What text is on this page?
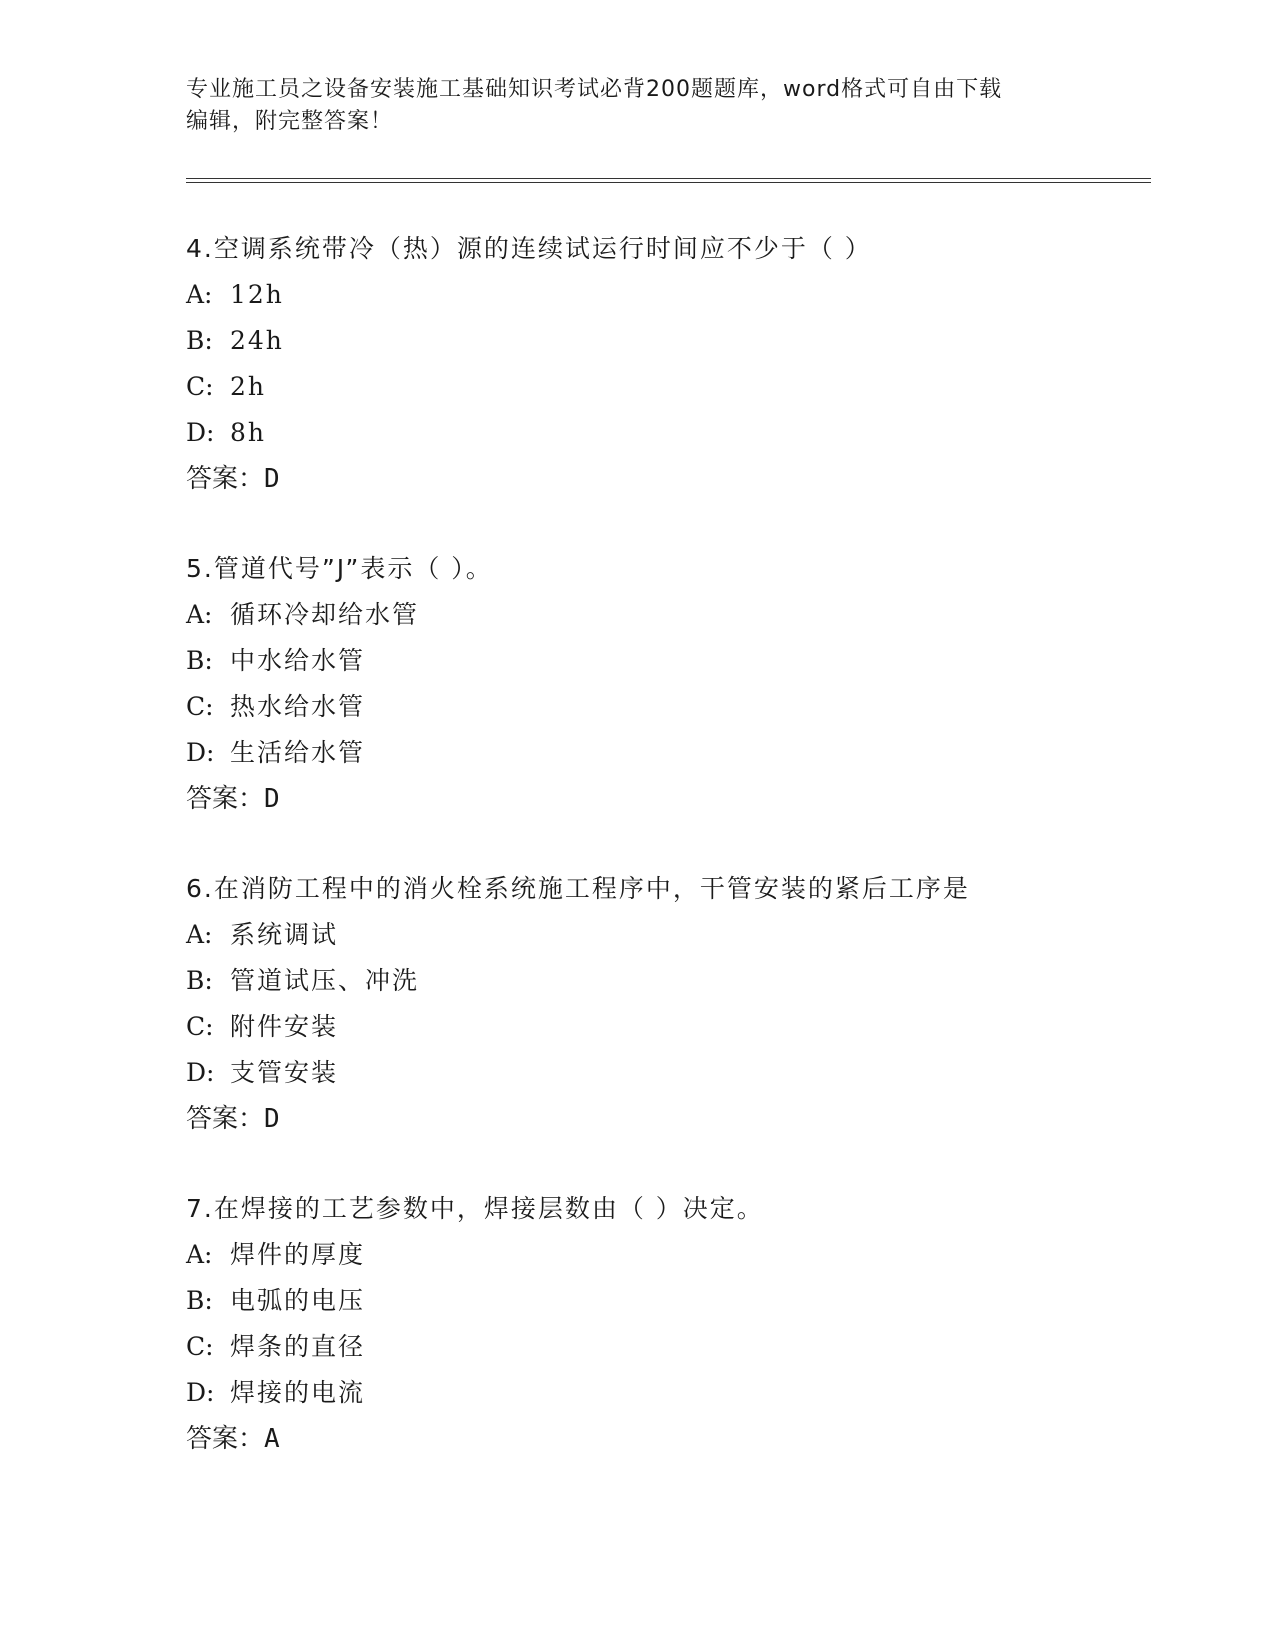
专业施工员之设备安装施工基础知识考试必背200题题库，word格式可自由下载
编辑，附完整答案！
4.空调系统带冷（热）源的连续试运行时间应不少于（ ）
A: 12h
B: 24h
C: 2h
D: 8h
答案：D
5.管道代号”J”表示（ ）。
A: 循环冷却给水管
B: 中水给水管
C: 热水给水管
D: 生活给水管
答案：D
6.在消防工程中的消火栓系统施工程序中，干管安装的紧后工序是
A: 系统调试
B: 管道试压、冲洗
C: 附件安装
D: 支管安装
答案：D
7.在焊接的工艺参数中，焊接层数由（ ）决定。
A: 焊件的厚度
B: 电弧的电压
C: 焊条的直径
D: 焊接的电流
答案：A
